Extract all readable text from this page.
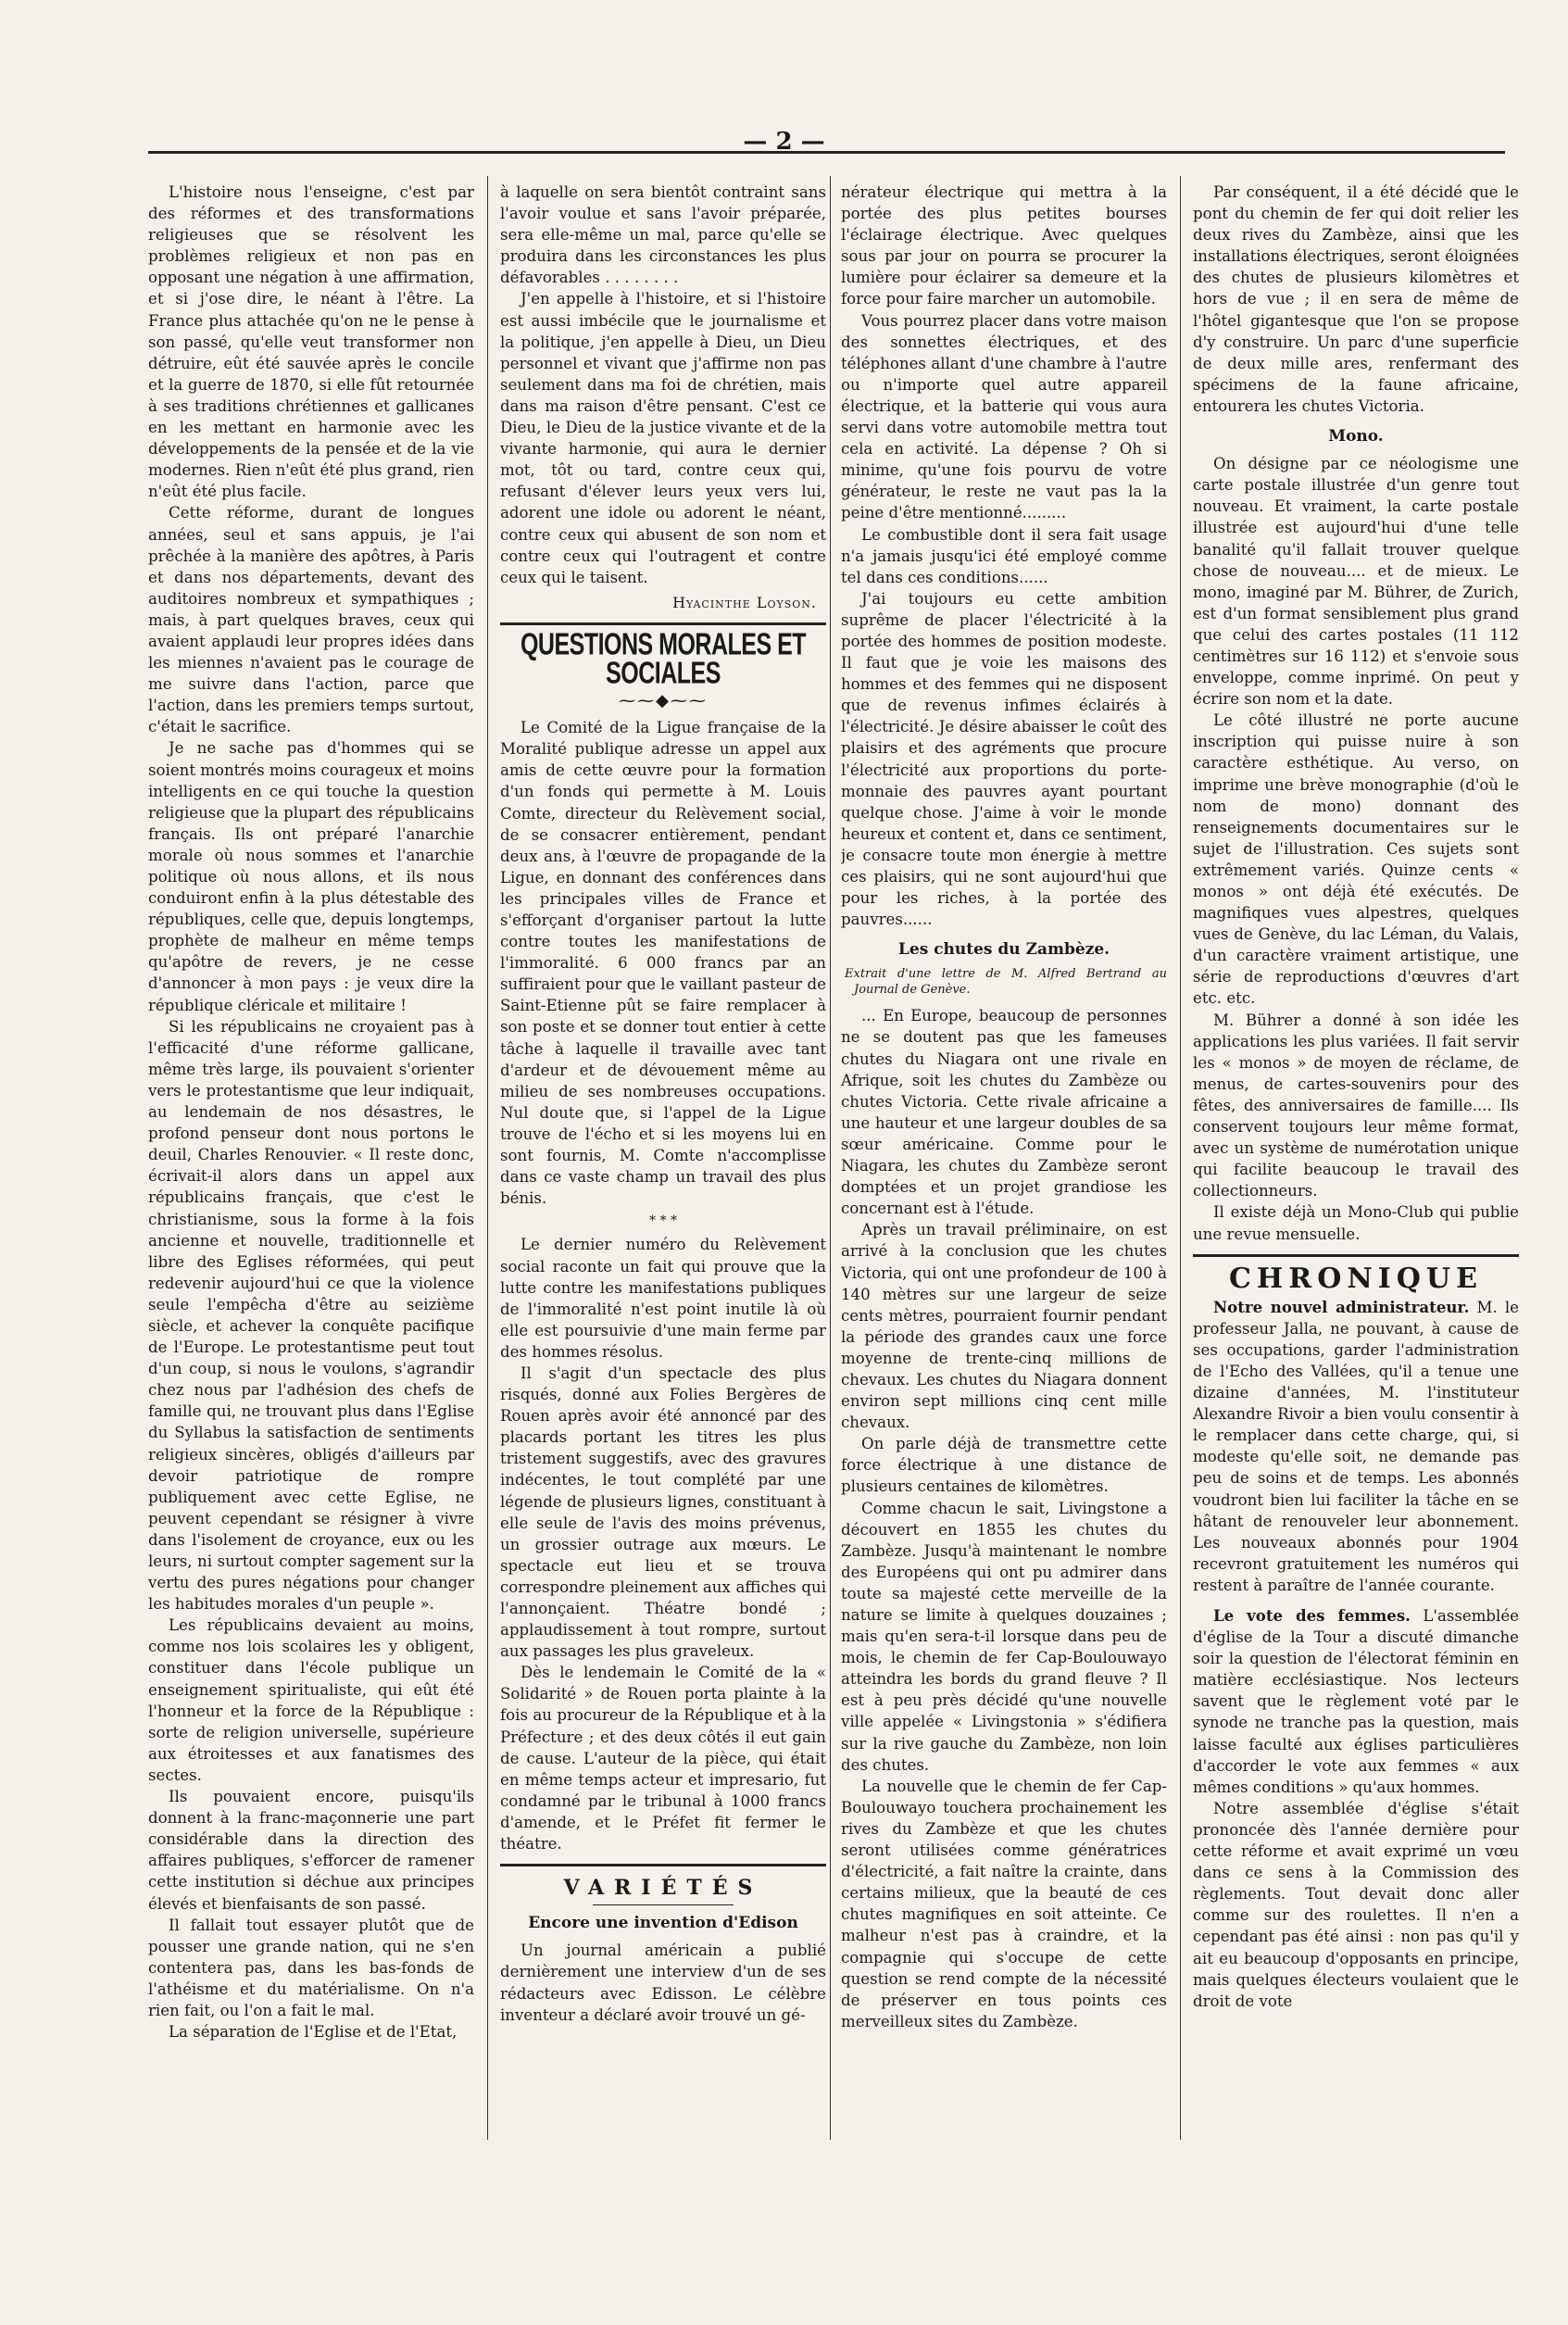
— 2 —

L'histoire nous l'enseigne, c'est par des réformes et des transformations religieuses que se résolvent les problèmes religieux et non pas en opposant une négation à une affirmation, et si j'ose dire, le néant à l'être. La France plus attachée qu'on ne le pense à son passé, qu'elle veut transformer non détruire, eût été sauvée après le concile et la guerre de 1870, si elle fût retournée à ses traditions chrétiennes et gallicanes en les mettant en harmonie avec les développements de la pensée et de la vie modernes. Rien n'eût été plus grand, rien n'eût été plus facile.

Cette réforme, durant de longues années, seul et sans appuis, je l'ai prêchée à la manière des apôtres, à Paris et dans nos départements, devant des auditoires nombreux et sympathiques ; mais, à part quelques braves, ceux qui avaient applaudi leur propres idées dans les miennes n'avaient pas le courage de me suivre dans l'action, parce que l'action, dans les premiers temps surtout, c'était le sacrifice.

Je ne sache pas d'hommes qui se soient montrés moins courageux et moins intelligents en ce qui touche la question religieuse que la plupart des républicains français. Ils ont préparé l'anarchie morale où nous sommes et l'anarchie politique où nous allons, et ils nous conduiront enfin à la plus détestable des républiques, celle que, depuis longtemps, prophète de malheur en même temps qu'apôtre de revers, je ne cesse d'annoncer à mon pays : je veux dire la république cléricale et militaire !

Si les républicains ne croyaient pas à l'efficacité d'une réforme gallicane, même très large, ils pouvaient s'orienter vers le protestantisme que leur indiquait, au lendemain de nos désastres, le profond penseur dont nous portons le deuil, Charles Renouvier. « Il reste donc, écrivait-il alors dans un appel aux républicains français, que c'est le christianisme, sous la forme à la fois ancienne et nouvelle, traditionnelle et libre des Eglises réformées, qui peut redevenir aujourd'hui ce que la violence seule l'empêcha d'être au seizième siècle, et achever la conquête pacifique de l'Europe. Le protestantisme peut tout d'un coup, si nous le voulons, s'agrandir chez nous par l'adhésion des chefs de famille qui, ne trouvant plus dans l'Eglise du Syllabus la satisfaction de sentiments religieux sincères, obligés d'ailleurs par devoir patriotique de rompre publiquement avec cette Eglise, ne peuvent cependant se résigner à vivre dans l'isolement de croyance, eux ou les leurs, ni surtout compter sagement sur la vertu des pures négations pour changer les habitudes morales d'un peuple ».

Les républicains devaient au moins, comme nos lois scolaires les y obligent, constituer dans l'école publique un enseignement spiritualiste, qui eût été l'honneur et la force de la République : sorte de religion universelle, supérieure aux étroitesses et aux fanatismes des sectes.

Ils pouvaient encore, puisqu'ils donnent à la franc-maçonnerie une part considérable dans la direction des affaires publiques, s'efforcer de ramener cette institution si déchue aux principes élevés et bienfaisants de son passé.

Il fallait tout essayer plutôt que de pousser une grande nation, qui ne s'en contentera pas, dans les bas-fonds de l'athéisme et du matérialisme. On n'a rien fait, ou l'on a fait le mal.

La séparation de l'Eglise et de l'Etat,

à laquelle on sera bientôt contraint sans l'avoir voulue et sans l'avoir préparée, sera elle-même un mal, parce qu'elle se produira dans les circonstances les plus défavorables . . . . . . . .

J'en appelle à l'histoire, et si l'histoire est aussi imbécile que le journalisme et la politique, j'en appelle à Dieu, un Dieu personnel et vivant que j'affirme non pas seulement dans ma foi de chrétien, mais dans ma raison d'être pensant. C'est ce Dieu, le Dieu de la justice vivante et de la vivante harmonie, qui aura le dernier mot, tôt ou tard, contre ceux qui, refusant d'élever leurs yeux vers lui, adorent une idole ou adorent le néant, contre ceux qui abusent de son nom et contre ceux qui l'outragent et contre ceux qui le taisent.

Hyacinthe Loyson.
QUESTIONS MORALES ET SOCIALES
⁓⁓◆⁓⁓

Le Comité de la Ligue française de la Moralité publique adresse un appel aux amis de cette œuvre pour la formation d'un fonds qui permette à M. Louis Comte, directeur du Relèvement social, de se consacrer entièrement, pendant deux ans, à l'œuvre de propagande de la Ligue, en donnant des conférences dans les principales villes de France et s'efforçant d'organiser partout la lutte contre toutes les manifestations de l'immoralité. 6 000 francs par an suffiraient pour que le vaillant pasteur de Saint-Etienne pût se faire remplacer à son poste et se donner tout entier à cette tâche à laquelle il travaille avec tant d'ardeur et de dévouement même au milieu de ses nombreuses occupations. Nul doute que, si l'appel de la Ligue trouve de l'écho et si les moyens lui en sont fournis, M. Comte n'accomplisse dans ce vaste champ un travail des plus bénis.

* * *

Le dernier numéro du Relèvement social raconte un fait qui prouve que la lutte contre les manifestations publiques de l'immoralité n'est point inutile là où elle est poursuivie d'une main ferme par des hommes résolus.

Il s'agit d'un spectacle des plus risqués, donné aux Folies Bergères de Rouen après avoir été annoncé par des placards portant les titres les plus tristement suggestifs, avec des gravures indécentes, le tout complété par une légende de plusieurs lignes, constituant à elle seule de l'avis des moins prévenus, un grossier outrage aux mœurs. Le spectacle eut lieu et se trouva correspondre pleinement aux affiches qui l'annonçaient. Théatre bondé ; applaudissement à tout rompre, surtout aux passages les plus graveleux.

Dès le lendemain le Comité de la « Solidarité » de Rouen porta plainte à la fois au procureur de la République et à la Préfecture ; et des deux côtés il eut gain de cause. L'auteur de la pièce, qui était en même temps acteur et impresario, fut condamné par le tribunal à 1000 francs d'amende, et le Préfet fit fermer le théatre.

VARIÉTÉS
Encore une invention d'Edison

Un journal américain a publié dernièrement une interview d'un de ses rédacteurs avec Edisson. Le célèbre inventeur a déclaré avoir trouvé un gé-

nérateur électrique qui mettra à la portée des plus petites bourses l'éclairage électrique. Avec quelques sous par jour on pourra se procurer la lumière pour éclairer sa demeure et la force pour faire marcher un automobile.

Vous pourrez placer dans votre maison des sonnettes électriques, et des téléphones allant d'une chambre à l'autre ou n'importe quel autre appareil électrique, et la batterie qui vous aura servi dans votre automobile mettra tout cela en activité. La dépense ? Oh si minime, qu'une fois pourvu de votre générateur, le reste ne vaut pas la la peine d'être mentionné.........

Le combustible dont il sera fait usage n'a jamais jusqu'ici été employé comme tel dans ces conditions......

J'ai toujours eu cette ambition suprême de placer l'électricité à la portée des hommes de position modeste. Il faut que je voie les maisons des hommes et des femmes qui ne disposent que de revenus infimes éclairés à l'électricité. Je désire abaisser le coût des plaisirs et des agréments que procure l'électricité aux proportions du porte-monnaie des pauvres ayant pourtant quelque chose. J'aime à voir le monde heureux et content et, dans ce sentiment, je consacre toute mon énergie à mettre ces plaisirs, qui ne sont aujourd'hui que pour les riches, à la portée des pauvres......

Les chutes du Zambèze.
Extrait d'une lettre de M. Alfred Bertrand au Journal de Genève.

... En Europe, beaucoup de personnes ne se doutent pas que les fameuses chutes du Niagara ont une rivale en Afrique, soit les chutes du Zambèze ou chutes Victoria. Cette rivale africaine a une hauteur et une largeur doubles de sa sœur américaine. Comme pour le Niagara, les chutes du Zambèze seront domptées et un projet grandiose les concernant est à l'étude.

Après un travail préliminaire, on est arrivé à la conclusion que les chutes Victoria, qui ont une profondeur de 100 à 140 mètres sur une largeur de seize cents mètres, pourraient fournir pendant la période des grandes caux une force moyenne de trente-cinq millions de chevaux. Les chutes du Niagara donnent environ sept millions cinq cent mille chevaux.

On parle déjà de transmettre cette force électrique à une distance de plusieurs centaines de kilomètres.

Comme chacun le sait, Livingstone a découvert en 1855 les chutes du Zambèze. Jusqu'à maintenant le nombre des Européens qui ont pu admirer dans toute sa majesté cette merveille de la nature se limite à quelques douzaines ; mais qu'en sera-t-il lorsque dans peu de mois, le chemin de fer Cap-Boulouwayo atteindra les bords du grand fleuve ? Il est à peu près décidé qu'une nouvelle ville appelée « Livingstonia » s'édifiera sur la rive gauche du Zambèze, non loin des chutes.

La nouvelle que le chemin de fer Cap-Boulouwayo touchera prochainement les rives du Zambèze et que les chutes seront utilisées comme génératrices d'électricité, a fait naître la crainte, dans certains milieux, que la beauté de ces chutes magnifiques en soit atteinte. Ce malheur n'est pas à craindre, et la compagnie qui s'occupe de cette question se rend compte de la nécessité de préserver en tous points ces merveilleux sites du Zambèze.

Par conséquent, il a été décidé que le pont du chemin de fer qui doit relier les deux rives du Zambèze, ainsi que les installations électriques, seront éloignées des chutes de plusieurs kilomètres et hors de vue ; il en sera de même de l'hôtel gigantesque que l'on se propose d'y construire. Un parc d'une superficie de deux mille ares, renfermant des spécimens de la faune africaine, entourera les chutes Victoria.

Mono.

On désigne par ce néologisme une carte postale illustrée d'un genre tout nouveau. Et vraiment, la carte postale illustrée est aujourd'hui d'une telle banalité qu'il fallait trouver quelque chose de nouveau.... et de mieux. Le mono, imaginé par M. Bührer, de Zurich, est d'un format sensiblement plus grand que celui des cartes postales (11 112 centimètres sur 16 112) et s'envoie sous enveloppe, comme inprimé. On peut y écrire son nom et la date.

Le côté illustré ne porte aucune inscription qui puisse nuire à son caractère esthétique. Au verso, on imprime une brève monographie (d'où le nom de mono) donnant des renseignements documentaires sur le sujet de l'illustration. Ces sujets sont extrêmement variés. Quinze cents « monos » ont déjà été exécutés. De magnifiques vues alpestres, quelques vues de Genève, du lac Léman, du Valais, d'un caractère vraiment artistique, une série de reproductions d'œuvres d'art etc. etc.

M. Bührer a donné à son idée les applications les plus variées. Il fait servir les « monos » de moyen de réclame, de menus, de cartes-souvenirs pour des fêtes, des anniversaires de famille.... Ils conservent toujours leur même format, avec un système de numérotation unique qui facilite beaucoup le travail des collectionneurs.

Il existe déjà un Mono-Club qui publie une revue mensuelle.

CHRONIQUE

Notre nouvel administrateur. M. le professeur Jalla, ne pouvant, à cause de ses occupations, garder l'administration de l'Echo des Vallées, qu'il a tenue une dizaine d'années, M. l'instituteur Alexandre Rivoir a bien voulu consentir à le remplacer dans cette charge, qui, si modeste qu'elle soit, ne demande pas peu de soins et de temps. Les abonnés voudront bien lui faciliter la tâche en se hâtant de renouveler leur abonnement. Les nouveaux abonnés pour 1904 recevront gratuitement les numéros qui restent à paraître de l'année courante.

Le vote des femmes. L'assemblée d'église de la Tour a discuté dimanche soir la question de l'électorat féminin en matière ecclésiastique. Nos lecteurs savent que le règlement voté par le synode ne tranche pas la question, mais laisse faculté aux églises particulières d'accorder le vote aux femmes « aux mêmes conditions » qu'aux hommes.

Notre assemblée d'église s'était prononcée dès l'année dernière pour cette réforme et avait exprimé un vœu dans ce sens à la Commission des règlements. Tout devait donc aller comme sur des roulettes. Il n'en a cependant pas été ainsi : non pas qu'il y ait eu beaucoup d'opposants en principe, mais quelques électeurs voulaient que le droit de vote
